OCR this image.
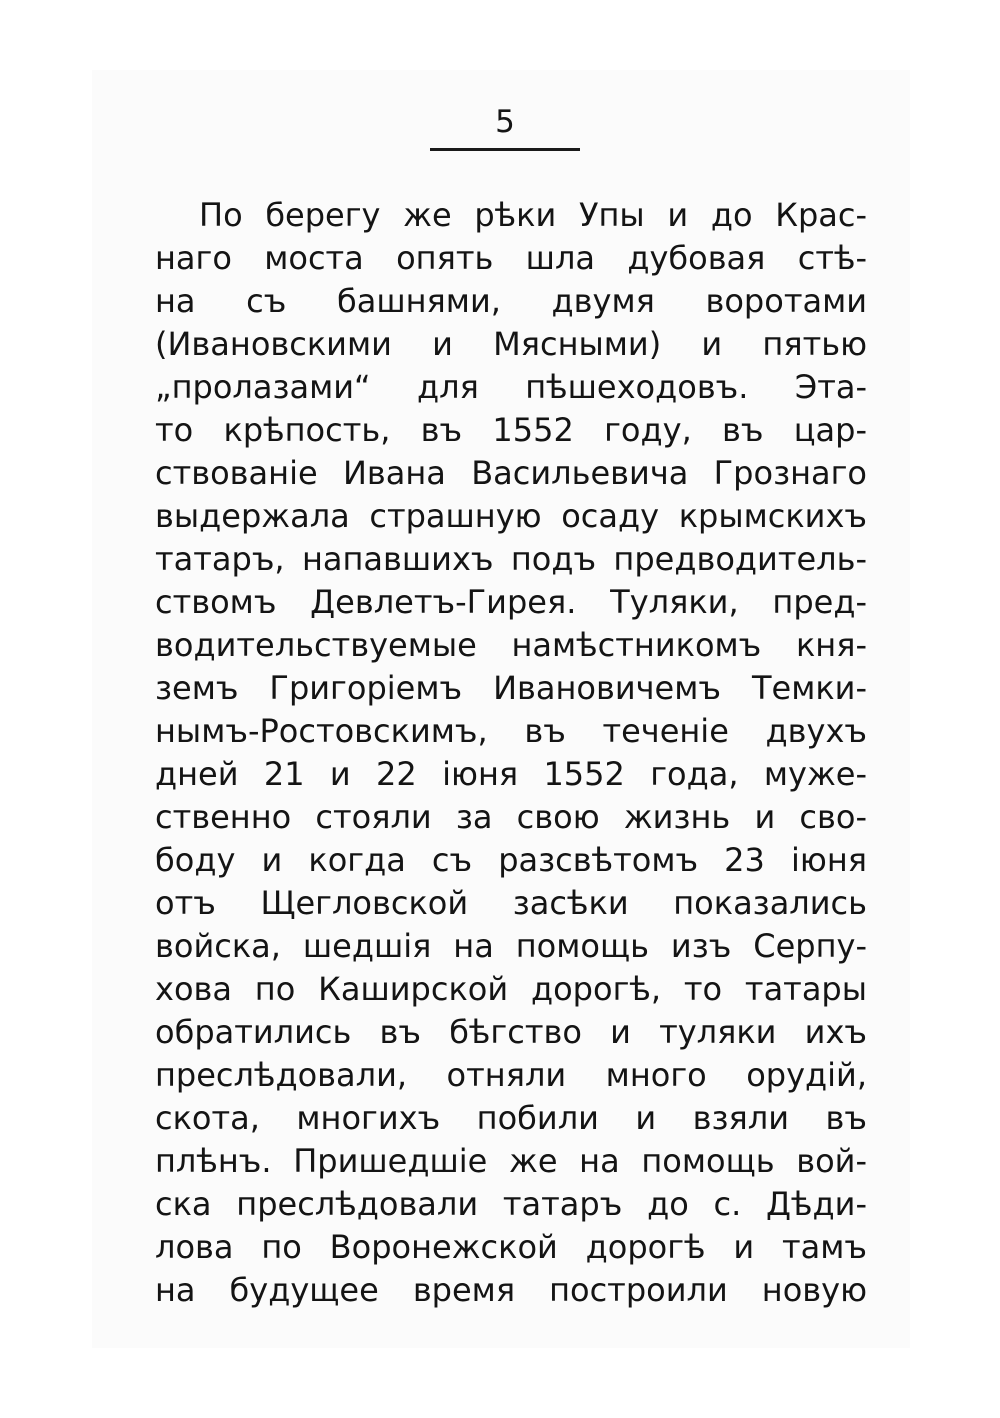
5
По берегу же рѣки Упы и до Крас-
наго моста опять шла дубовая стѣ-
на съ башнями, двумя воротами
(Ивановскими и Мясными) и пятью
„пролазами“ для пѣшеходовъ. Эта-
то крѣпость, въ 1552 году, въ цар-
ствованіе Ивана Васильевича Грознаго
выдержала страшную осаду крымскихъ
татаръ, напавшихъ подъ предводитель-
ствомъ Девлетъ-Гирея. Туляки, пред-
водительствуемые намѣстникомъ кня-
земъ Григоріемъ Ивановичемъ Темки-
нымъ-Ростовскимъ, въ теченіе двухъ
дней 21 и 22 іюня 1552 года, муже-
ственно стояли за свою жизнь и сво-
боду и когда съ разсвѣтомъ 23 іюня
отъ Щегловской засѣки показались
войска, шедшія на помощь изъ Серпу-
хова по Каширской дорогѣ, то татары
обратились въ бѣгство и туляки ихъ
преслѣдовали, отняли много орудій,
скота, многихъ побили и взяли въ
плѣнъ. Пришедшіе же на помощь вой-
ска преслѣдовали татаръ до с. Дѣди-
лова по Воронежской дорогѣ и тамъ
на будущее время построили новую
